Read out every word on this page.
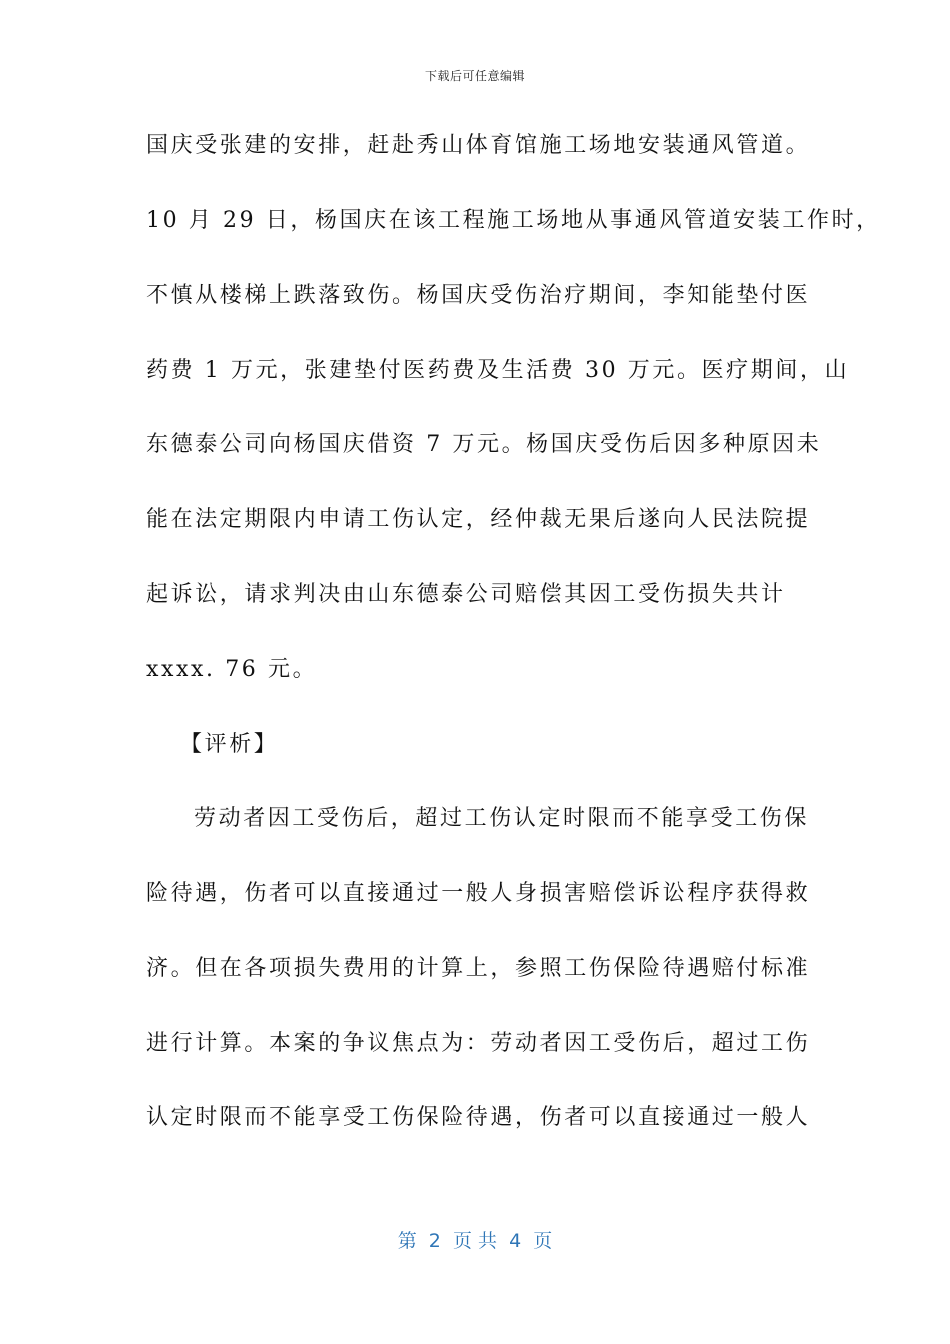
下载后可任意编辑
国庆受张建的安排，赶赴秀山体育馆施工场地安装通风管道。
10 月 29 日，杨国庆在该工程施工场地从事通风管道安装工作时，
不慎从楼梯上跌落致伤。杨国庆受伤治疗期间，李知能垫付医
药费 1 万元，张建垫付医药费及生活费 30 万元。医疗期间，山
东德泰公司向杨国庆借资 7 万元。杨国庆受伤后因多种原因未
能在法定期限内申请工伤认定，经仲裁无果后遂向人民法院提
起诉讼，请求判决由山东德泰公司赔偿其因工受伤损失共计
xxxx. 76 元。
【评析】
劳动者因工受伤后，超过工伤认定时限而不能享受工伤保
险待遇，伤者可以直接通过一般人身损害赔偿诉讼程序获得救
济。但在各项损失费用的计算上，参照工伤保险待遇赔付标准
进行计算。本案的争议焦点为：劳动者因工受伤后，超过工伤
认定时限而不能享受工伤保险待遇，伤者可以直接通过一般人
第  2  页 共  4  页
